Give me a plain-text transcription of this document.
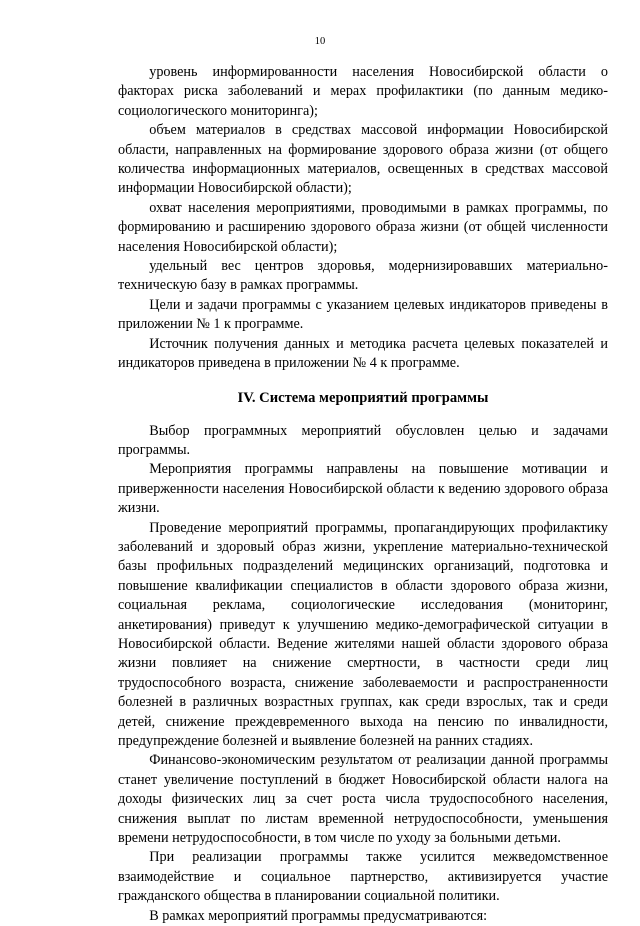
10

уровень информированности населения Новосибирской области о факторах риска заболеваний и мерах профилактики (по данным медико-социологического мониторинга);

объем материалов в средствах массовой информации Новосибирской области, направленных на формирование здорового образа жизни (от общего количества информационных материалов, освещенных в средствах массовой информации Новосибирской области);

охват населения мероприятиями, проводимыми в рамках программы, по формированию и расширению здорового образа жизни (от общей численности населения Новосибирской области);

удельный вес центров здоровья, модернизировавших материально-техническую базу в рамках программы.

Цели и задачи программы с указанием целевых индикаторов приведены в приложении № 1 к программе.

Источник получения данных и методика расчета целевых показателей и индикаторов приведена в приложении № 4 к программе.

IV. Система мероприятий программы

Выбор программных мероприятий обусловлен целью и задачами программы.

Мероприятия программы направлены на повышение мотивации и приверженности населения Новосибирской области к ведению здорового образа жизни.

Проведение мероприятий программы, пропагандирующих профилактику заболеваний и здоровый образ жизни, укрепление материально-технической базы профильных подразделений медицинских организаций, подготовка и повышение квалификации специалистов в области здорового образа жизни, социальная реклама, социологические исследования (мониторинг, анкетирования) приведут к улучшению медико-демографической ситуации в Новосибирской области. Ведение жителями нашей области здорового образа жизни повлияет на снижение смертности, в частности среди лиц трудоспособного возраста, снижение заболеваемости и распространенности болезней в различных возрастных группах, как среди взрослых, так и среди детей, снижение преждевременного выхода на пенсию по инвалидности, предупреждение болезней и выявление болезней на ранних стадиях.

Финансово-экономическим результатом от реализации данной программы станет увеличение поступлений в бюджет Новосибирской области налога на доходы физических лиц за счет роста числа трудоспособного населения, снижения выплат по листам временной нетрудоспособности, уменьшения времени нетрудоспособности, в том числе по уходу за больными детьми.

При реализации программы также усилится межведомственное взаимодействие и социальное партнерство, активизируется участие гражданского общества в планировании социальной политики.

В рамках мероприятий программы предусматриваются:
